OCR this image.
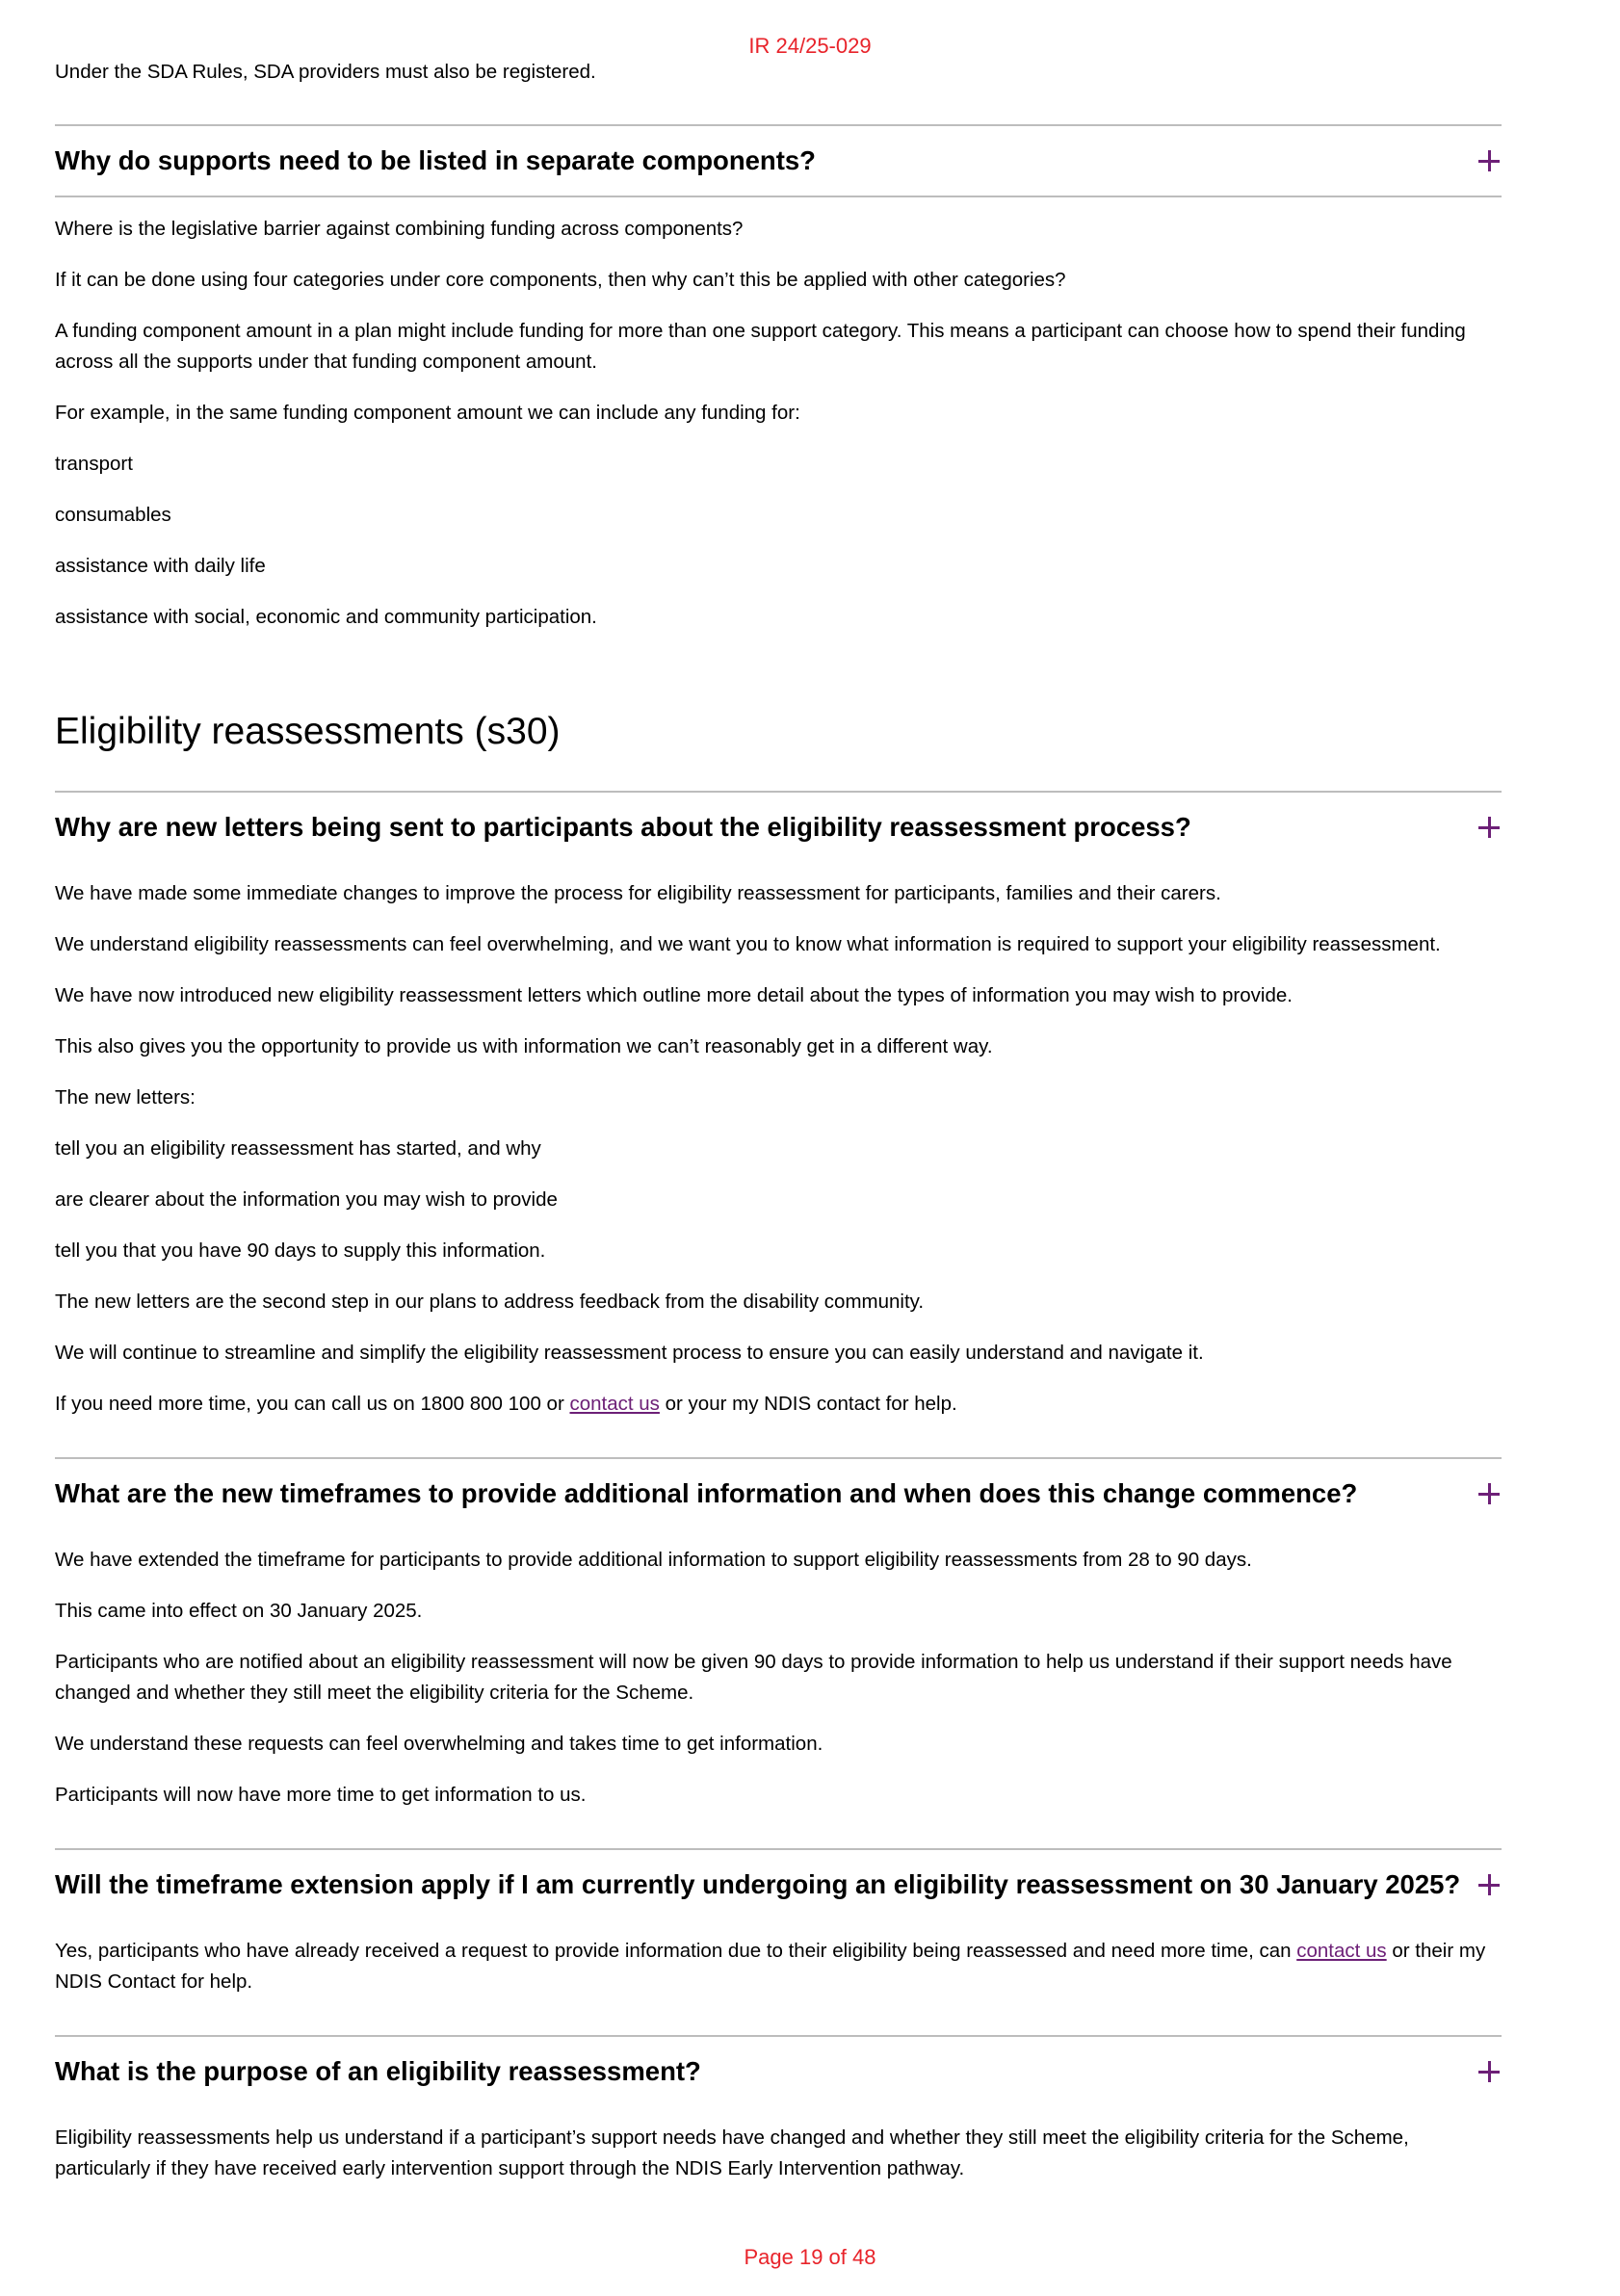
IR 24/25-029

Under the SDA Rules, SDA providers must also be registered.

Why do supports need to be listed in separate components?

Where is the legislative barrier against combining funding across components?

If it can be done using four categories under core components, then why can’t this be applied with other categories?

A funding component amount in a plan might include funding for more than one support category. This means a participant can choose how to spend their funding across all the supports under that funding component amount.

For example, in the same funding component amount we can include any funding for:

transport

consumables

assistance with daily life

assistance with social, economic and community participation.

Eligibility reassessments (s30)
Why are new letters being sent to participants about the eligibility reassessment process?

We have made some immediate changes to improve the process for eligibility reassessment for participants, families and their carers.

We understand eligibility reassessments can feel overwhelming, and we want you to know what information is required to support your eligibility reassessment.

We have now introduced new eligibility reassessment letters which outline more detail about the types of information you may wish to provide.

This also gives you the opportunity to provide us with information we can’t reasonably get in a different way.

The new letters:

tell you an eligibility reassessment has started, and why

are clearer about the information you may wish to provide

tell you that you have 90 days to supply this information.

The new letters are the second step in our plans to address feedback from the disability community.

We will continue to streamline and simplify the eligibility reassessment process to ensure you can easily understand and navigate it.

If you need more time, you can call us on 1800 800 100 or contact us or your my NDIS contact for help.

What are the new timeframes to provide additional information and when does this change commence?

We have extended the timeframe for participants to provide additional information to support eligibility reassessments from 28 to 90 days.

This came into effect on 30 January 2025.

Participants who are notified about an eligibility reassessment will now be given 90 days to provide information to help us understand if their support needs have changed and whether they still meet the eligibility criteria for the Scheme.

We understand these requests can feel overwhelming and takes time to get information.

Participants will now have more time to get information to us.

Will the timeframe extension apply if I am currently undergoing an eligibility reassessment on 30 January 2025?

Yes, participants who have already received a request to provide information due to their eligibility being reassessed and need more time, can contact us or their my NDIS Contact for help.

What is the purpose of an eligibility reassessment?

Eligibility reassessments help us understand if a participant’s support needs have changed and whether they still meet the eligibility criteria for the Scheme, particularly if they have received early intervention support through the NDIS Early Intervention pathway.

Page 19 of 48
